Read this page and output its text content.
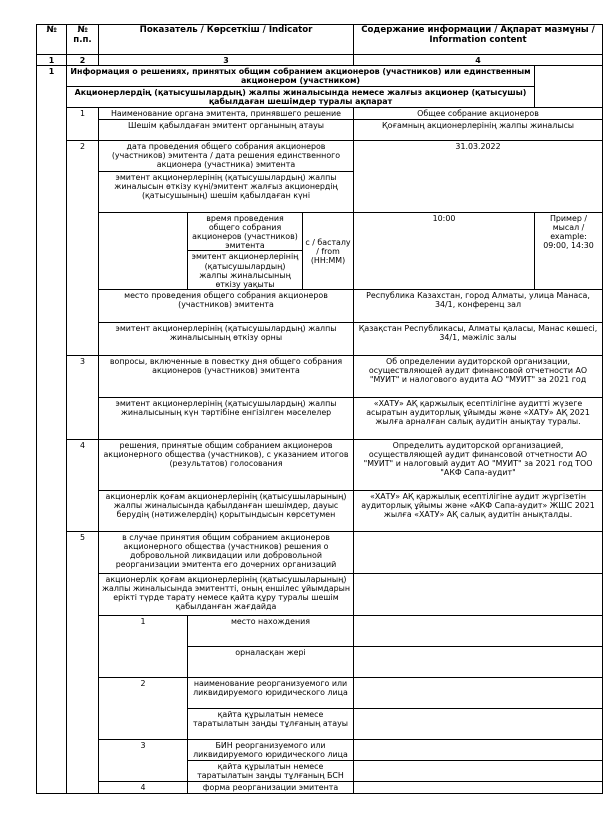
№	№ п.п.	Показатель / Көрсеткіш / Indicator			Содержание информации / Ақпарат мазмұны / Information content	
1	2	3			4	
1	Информация о решениях, принятых общим собранием акционеров (участников) или единственным акционером (участником)					
	Акционерлердің (қатысушылардың) жалпы жиналысында немесе жалғыз акционер (қатысушы) қабылдаған шешімдер туралы ақпарат					
	1	Наименование органа эмитента, принявшего решение			Общее собрание акционеров	
		Шешім қабылдаған эмитент органының атауы			Қоғамның акционерлерінің жалпы жиналысы	
	2	дата проведения общего собрания акционеров (участников) эмитента / дата решения единственного акционера (участника) эмитента			31.03.2022	
		эмитент акционерлерінің (қатысушылардың) жалпы жиналысын өткізу күні/эмитент жалғыз акционердің (қатысушының) шешім қабылдаған күні				
			время проведения общего собрания акционеров (участников) эмитента	с / басталу / from (HH:MM)	10:00	Пример / мысал / example: 09:00, 14:30
			эмитент акционерлерінің (қатысушылардың) жалпы жиналысының өткізу уақыты			
		место проведения общего собрания акционеров (участников) эмитента			Республика Казахстан, город Алматы, улица Манаса, 34/1, конференц зал	
		эмитент акционерлерінің (қатысушылардың) жалпы жиналысының өткізу орны			Қазақстан Республикасы, Алматы қаласы, Манас көшесі, 34/1, мәжіліс залы	
	3	вопросы, включенные в повестку дня общего собрания акционеров (участников) эмитента			Об определении аудиторской организации, осуществляющей аудит финансовой отчетности АО "МУИТ" и налогового аудита АО "МУИТ" за 2021 год	
		эмитент акционерлерінің (қатысушылардың) жалпы жиналысының күн тәртібіне енгізілген мәселелер			«ХАТУ» АҚ қаржылық есептілігіне аудитті жүзеге асыратын аудиторлық ұйымды және «ХАТУ» АҚ 2021 жылға арналған салық аудитін анықтау туралы.	
	4	решения, принятые общим собранием акционеров акционерного общества (участников), с указанием итогов (результатов) голосования			Определить аудиторской организацией, осуществляющей аудит финансовой отчетности АО "МУИТ" и налоговый аудит АО "МУИТ" за 2021 год ТОО "АКФ Сапа-аудит"	
		акционерлік қоғам акционерлерінің (қатысушыларының) жалпы жиналысында қабылданған шешімдер, дауыс берудің (нәтижелердің) қорытындысын көрсетумен			«ХАТУ» АҚ қаржылық есептілігіне аудит жүргізетін аудиторлық ұйымы және «АКФ Сапа-аудит» ЖШС 2021 жылға «ХАТУ» АҚ салық аудитін анықталды.	
	5	в случае принятия общим собранием акционеров акционерного общества (участников) решения о добровольной ликвидации или добровольной реорганизации эмитента его дочерних организаций				
		акционерлік қоғам акционерлерінің (қатысушыларының) жалпы жиналысында эмитентті, оның еншілес ұйымдарын еріктi түрде тарату немесе қайта құру туралы шешім қабылданған жағдайда				
		1	место нахождения			
			орналасқан жері			
		2	наименование реорганизуемого или ликвидируемого юридического лица			
			қайта құрылатын немесе таратылатын заңды тұлғаның атауы			
		3	БИН реорганизуемого или ликвидируемого юридического лица			
			қайта құрылатын немесе таратылатын заңды тұлғаның БСН			
		4	форма реорганизации эмитента			
